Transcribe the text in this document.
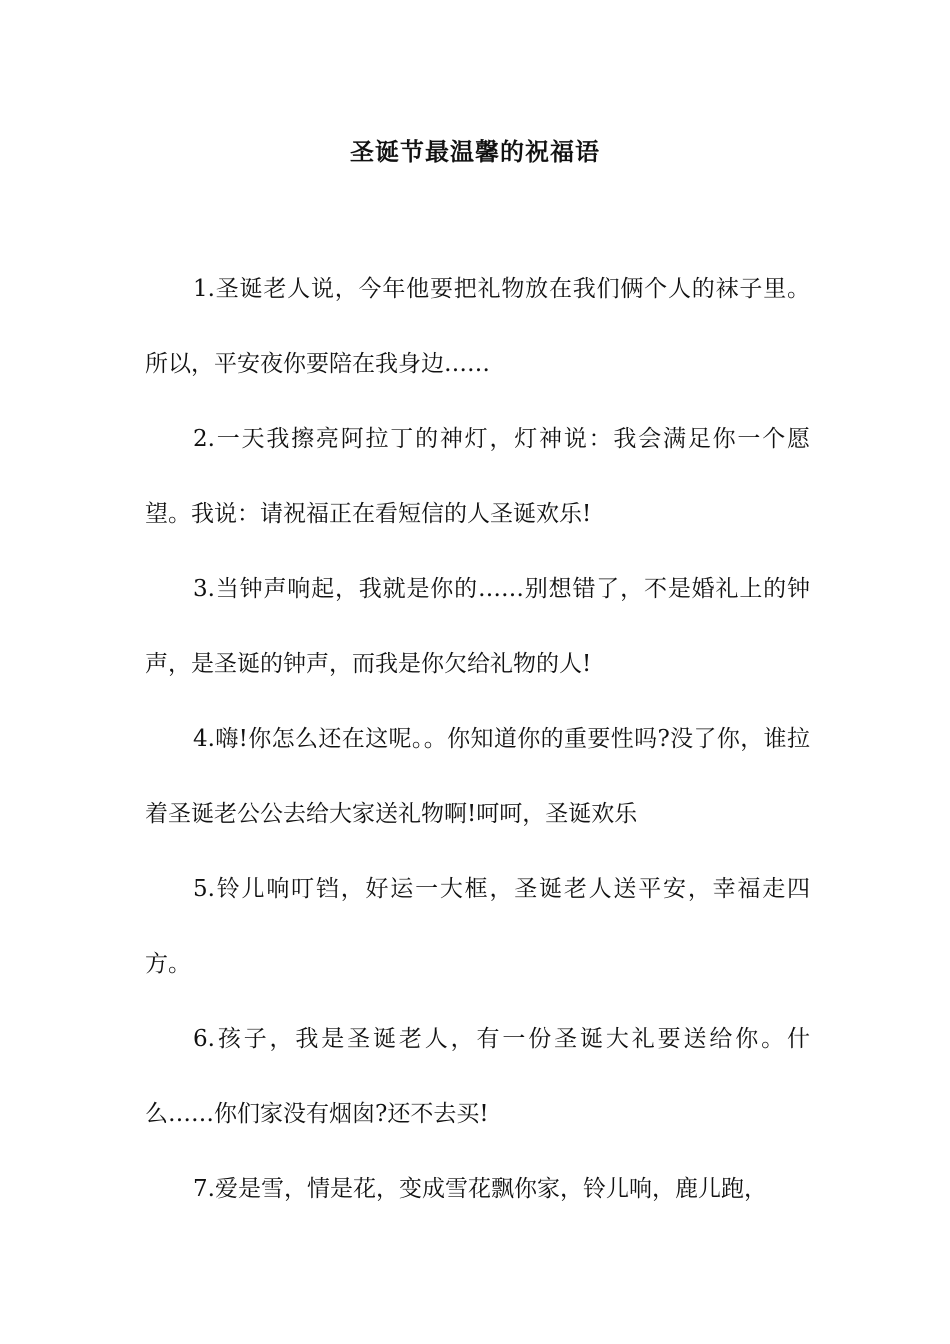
圣诞节最温馨的祝福语

1.圣诞老人说，今年他要把礼物放在我们俩个人的袜子里。所以，平安夜你要陪在我身边……

2.一天我擦亮阿拉丁的神灯，灯神说：我会满足你一个愿望。我说：请祝福正在看短信的人圣诞欢乐!

3.当钟声响起，我就是你的……别想错了，不是婚礼上的钟声，是圣诞的钟声，而我是你欠给礼物的人!

4.嗨!你怎么还在这呢。。你知道你的重要性吗?没了你，谁拉着圣诞老公公去给大家送礼物啊!呵呵，圣诞欢乐

5.铃儿响叮铛，好运一大框，圣诞老人送平安，幸福走四方。

6.孩子，我是圣诞老人，有一份圣诞大礼要送给你。什么……你们家没有烟囱?还不去买!

7.爱是雪，情是花，变成雪花飘你家，铃儿响，鹿儿跑，
